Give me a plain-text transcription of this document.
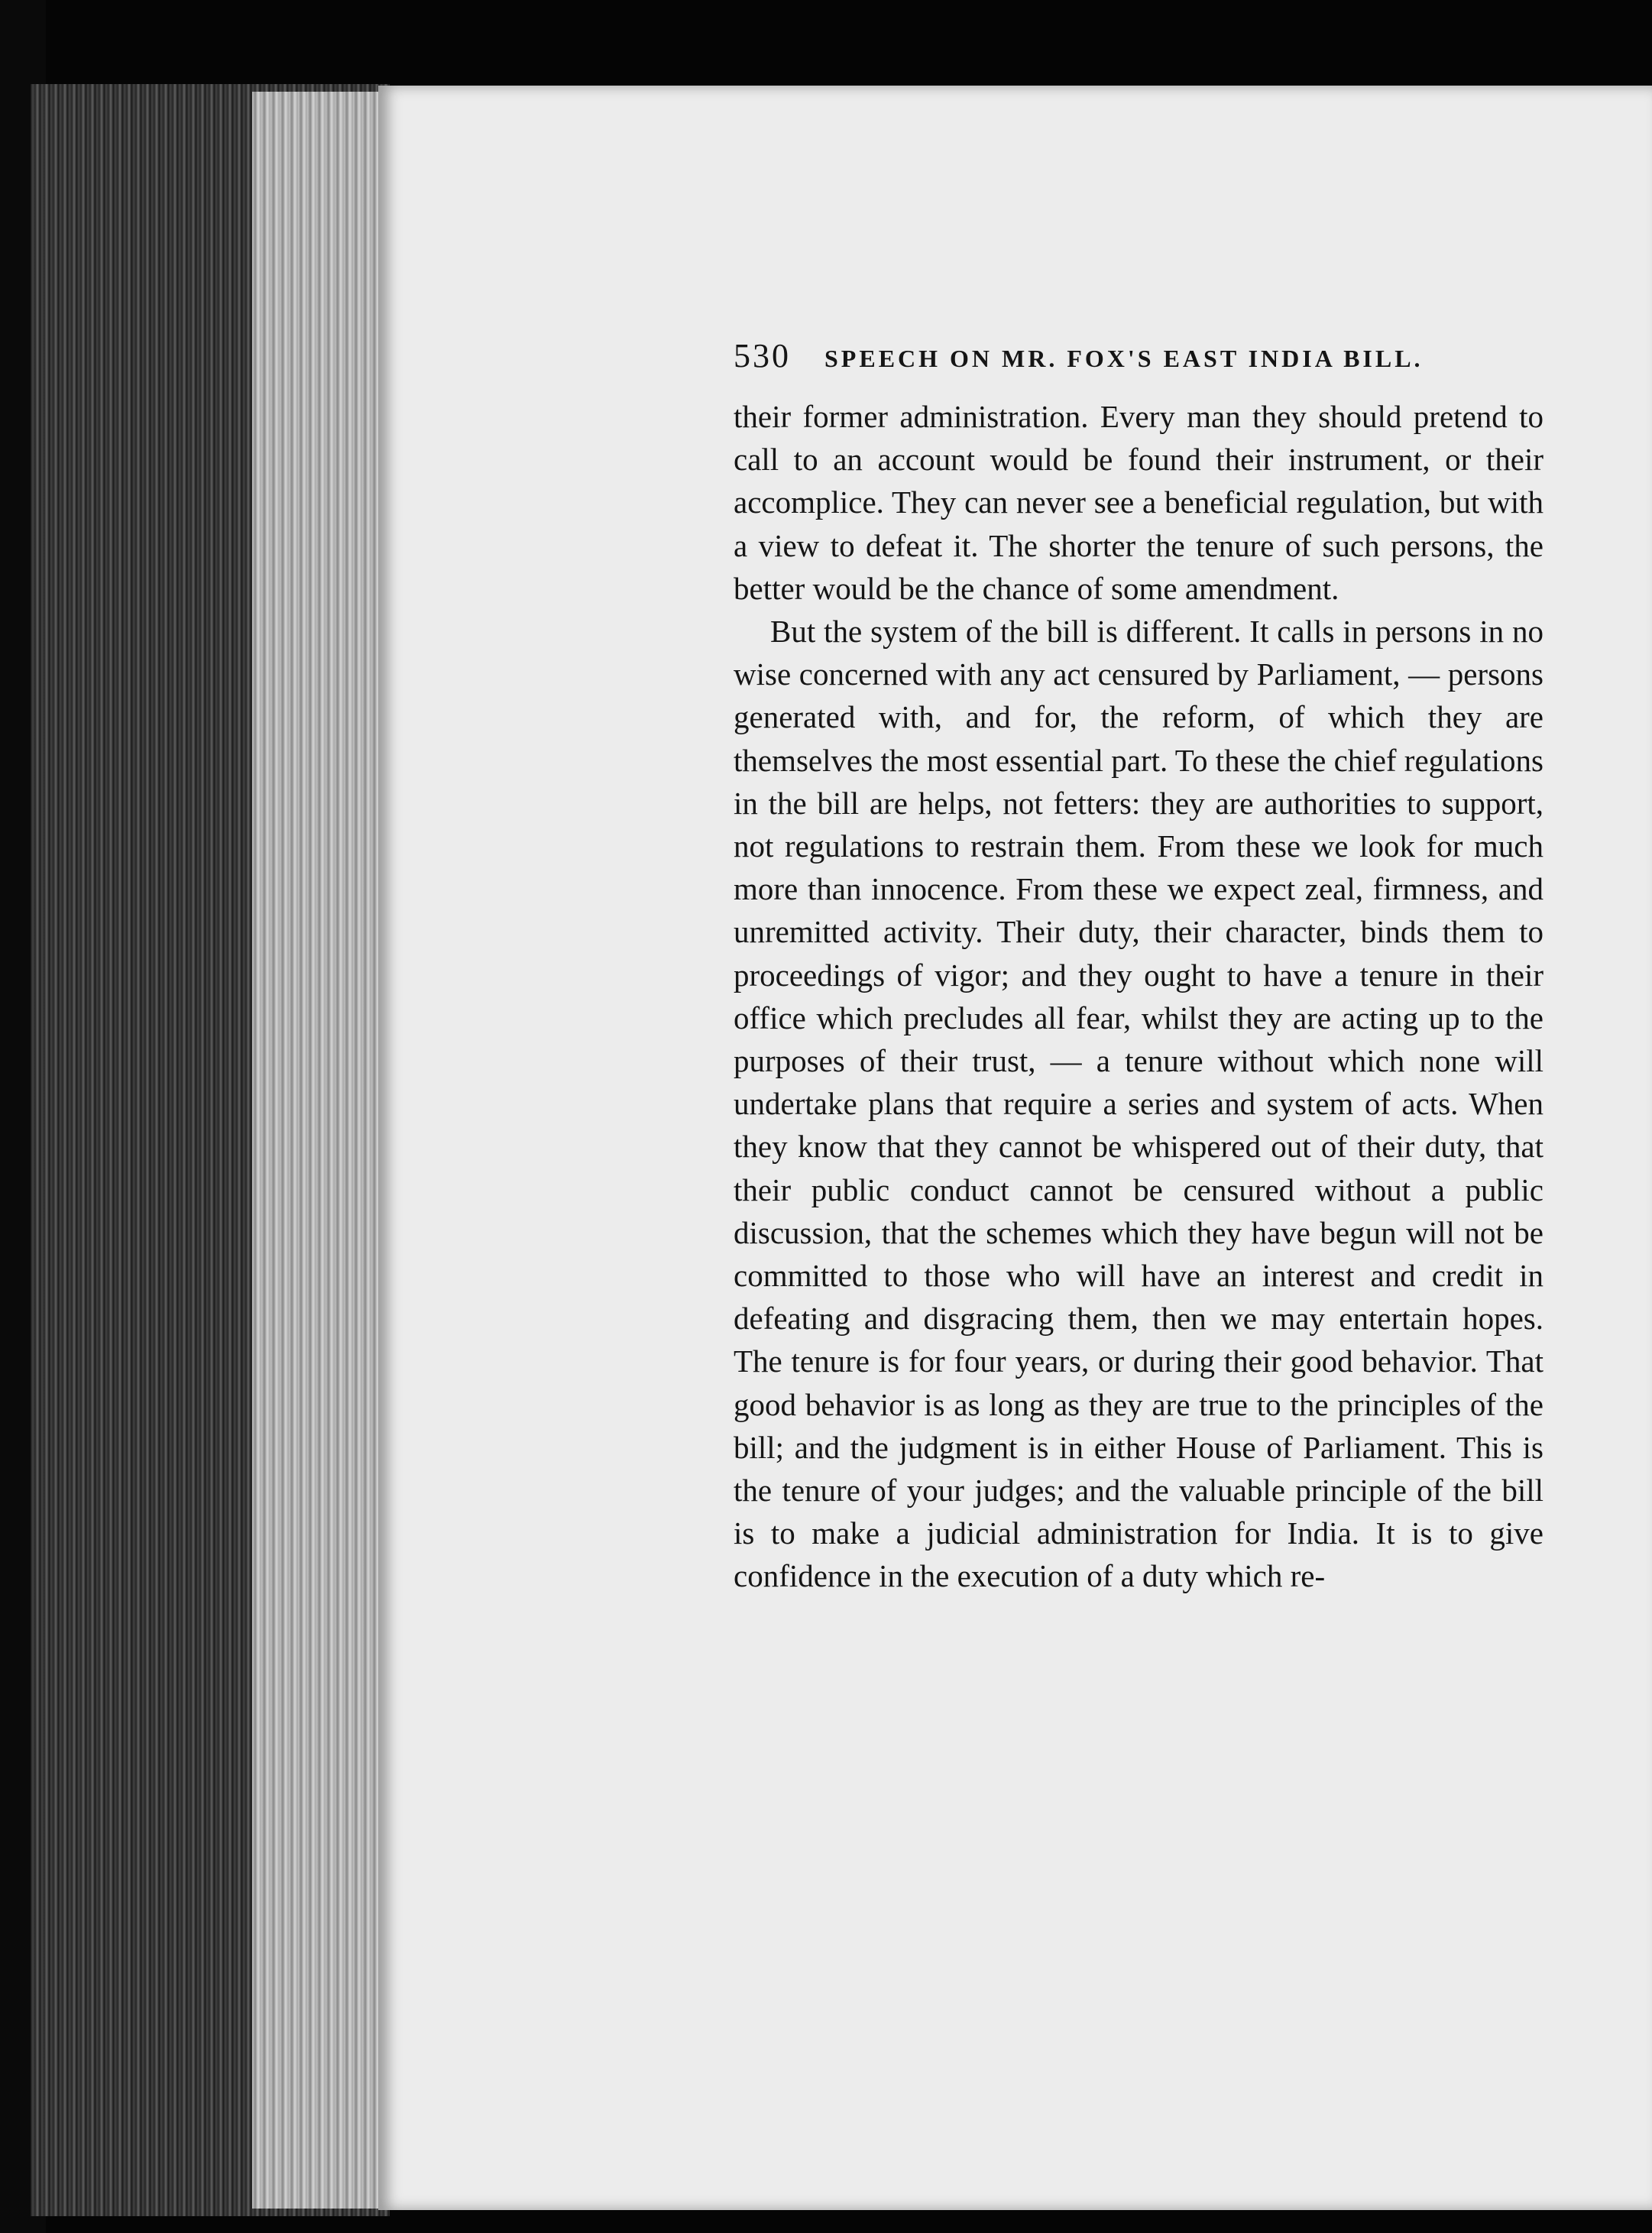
530 SPEECH ON MR. FOX'S EAST INDIA BILL.

their former administration. Every man they should pretend to call to an account would be found their instrument, or their accomplice. They can never see a beneficial regulation, but with a view to defeat it. The shorter the tenure of such persons, the better would be the chance of some amendment.

But the system of the bill is different. It calls in persons in no wise concerned with any act censured by Parliament, — persons generated with, and for, the reform, of which they are themselves the most essential part. To these the chief regulations in the bill are helps, not fetters: they are authorities to support, not regulations to restrain them. From these we look for much more than innocence. From these we expect zeal, firmness, and unremitted activity. Their duty, their character, binds them to proceedings of vigor; and they ought to have a tenure in their office which precludes all fear, whilst they are acting up to the purposes of their trust, — a tenure without which none will undertake plans that require a series and system of acts. When they know that they cannot be whispered out of their duty, that their public conduct cannot be censured without a public discussion, that the schemes which they have begun will not be committed to those who will have an interest and credit in defeating and disgracing them, then we may entertain hopes. The tenure is for four years, or during their good behavior. That good behavior is as long as they are true to the principles of the bill; and the judgment is in either House of Parliament. This is the tenure of your judges; and the valuable principle of the bill is to make a judicial administration for India. It is to give confidence in the execution of a duty which re-
